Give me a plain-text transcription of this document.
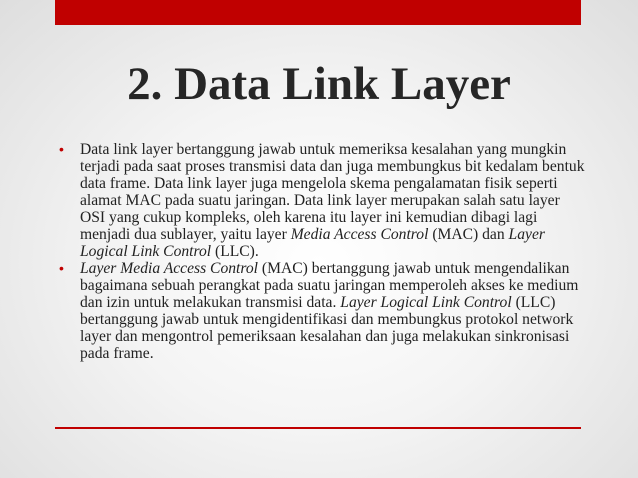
2. Data Link Layer
• Data link layer bertanggung jawab untuk memeriksa kesalahan yang mungkin terjadi pada saat proses transmisi data dan juga membungkus bit kedalam bentuk data frame. Data link layer juga mengelola skema pengalamatan fisik seperti alamat MAC pada suatu jaringan. Data link layer merupakan salah satu layer OSI yang cukup kompleks, oleh karena itu layer ini kemudian dibagi lagi menjadi dua sublayer, yaitu layer Media Access Control (MAC) dan Layer Logical Link Control (LLC).
• Layer Media Access Control (MAC) bertanggung jawab untuk mengendalikan bagaimana sebuah perangkat pada suatu jaringan memperoleh akses ke medium dan izin untuk melakukan transmisi data. Layer Logical Link Control (LLC) bertanggung jawab untuk mengidentifikasi dan membungkus protokol network layer dan mengontrol pemeriksaan kesalahan dan juga melakukan sinkronisasi pada frame.
